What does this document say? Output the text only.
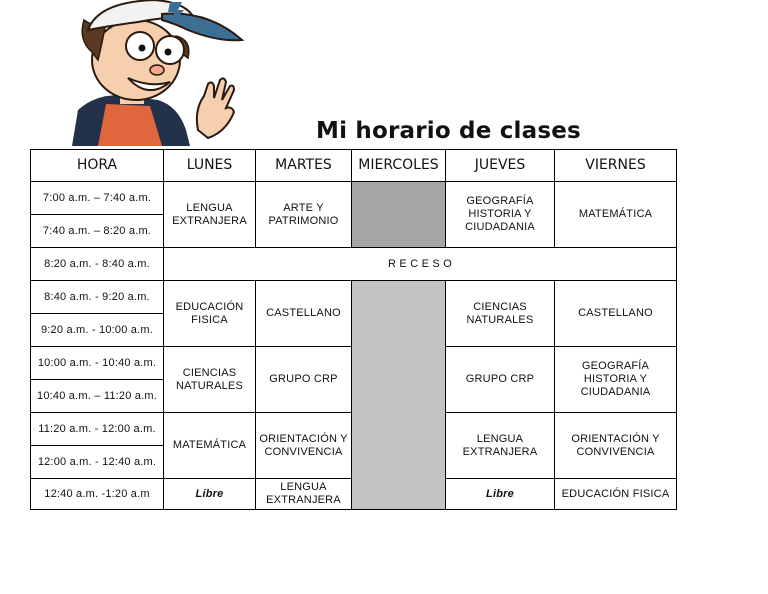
Mi horario de clases
HORA	LUNES	MARTES	MIERCOLES	JUEVES	VIERNES
7:00 a.m. – 7:40 a.m.	LENGUA EXTRANJERA	ARTE Y PATRIMONIO		GEOGRAFÍA HISTORIA Y CIUDADANIA	MATEMÁTICA
7:40 a.m. – 8:20 a.m.					
8:20 a.m. - 8:40 a.m.	R E C E S O				
8:40 a.m. - 9:20 a.m.	EDUCACIÓN FISICA	CASTELLANO		CIENCIAS NATURALES	CASTELLANO
9:20 a.m. - 10:00 a.m.					
10:00 a.m. - 10:40 a.m.	CIENCIAS NATURALES	GRUPO CRP		GRUPO CRP	GEOGRAFÍA HISTORIA Y CIUDADANIA
10:40 a.m. – 11:20 a.m.					
11:20 a.m. - 12:00 a.m.	MATEMÁTICA	ORIENTACIÓN Y CONVIVENCIA		LENGUA EXTRANJERA	ORIENTACIÓN Y CONVIVENCIA
12:00 a.m. - 12:40 a.m.					
12:40 a.m. -1:20 a.m	Libre	LENGUA EXTRANJERA		Libre	EDUCACIÓN FISICA
